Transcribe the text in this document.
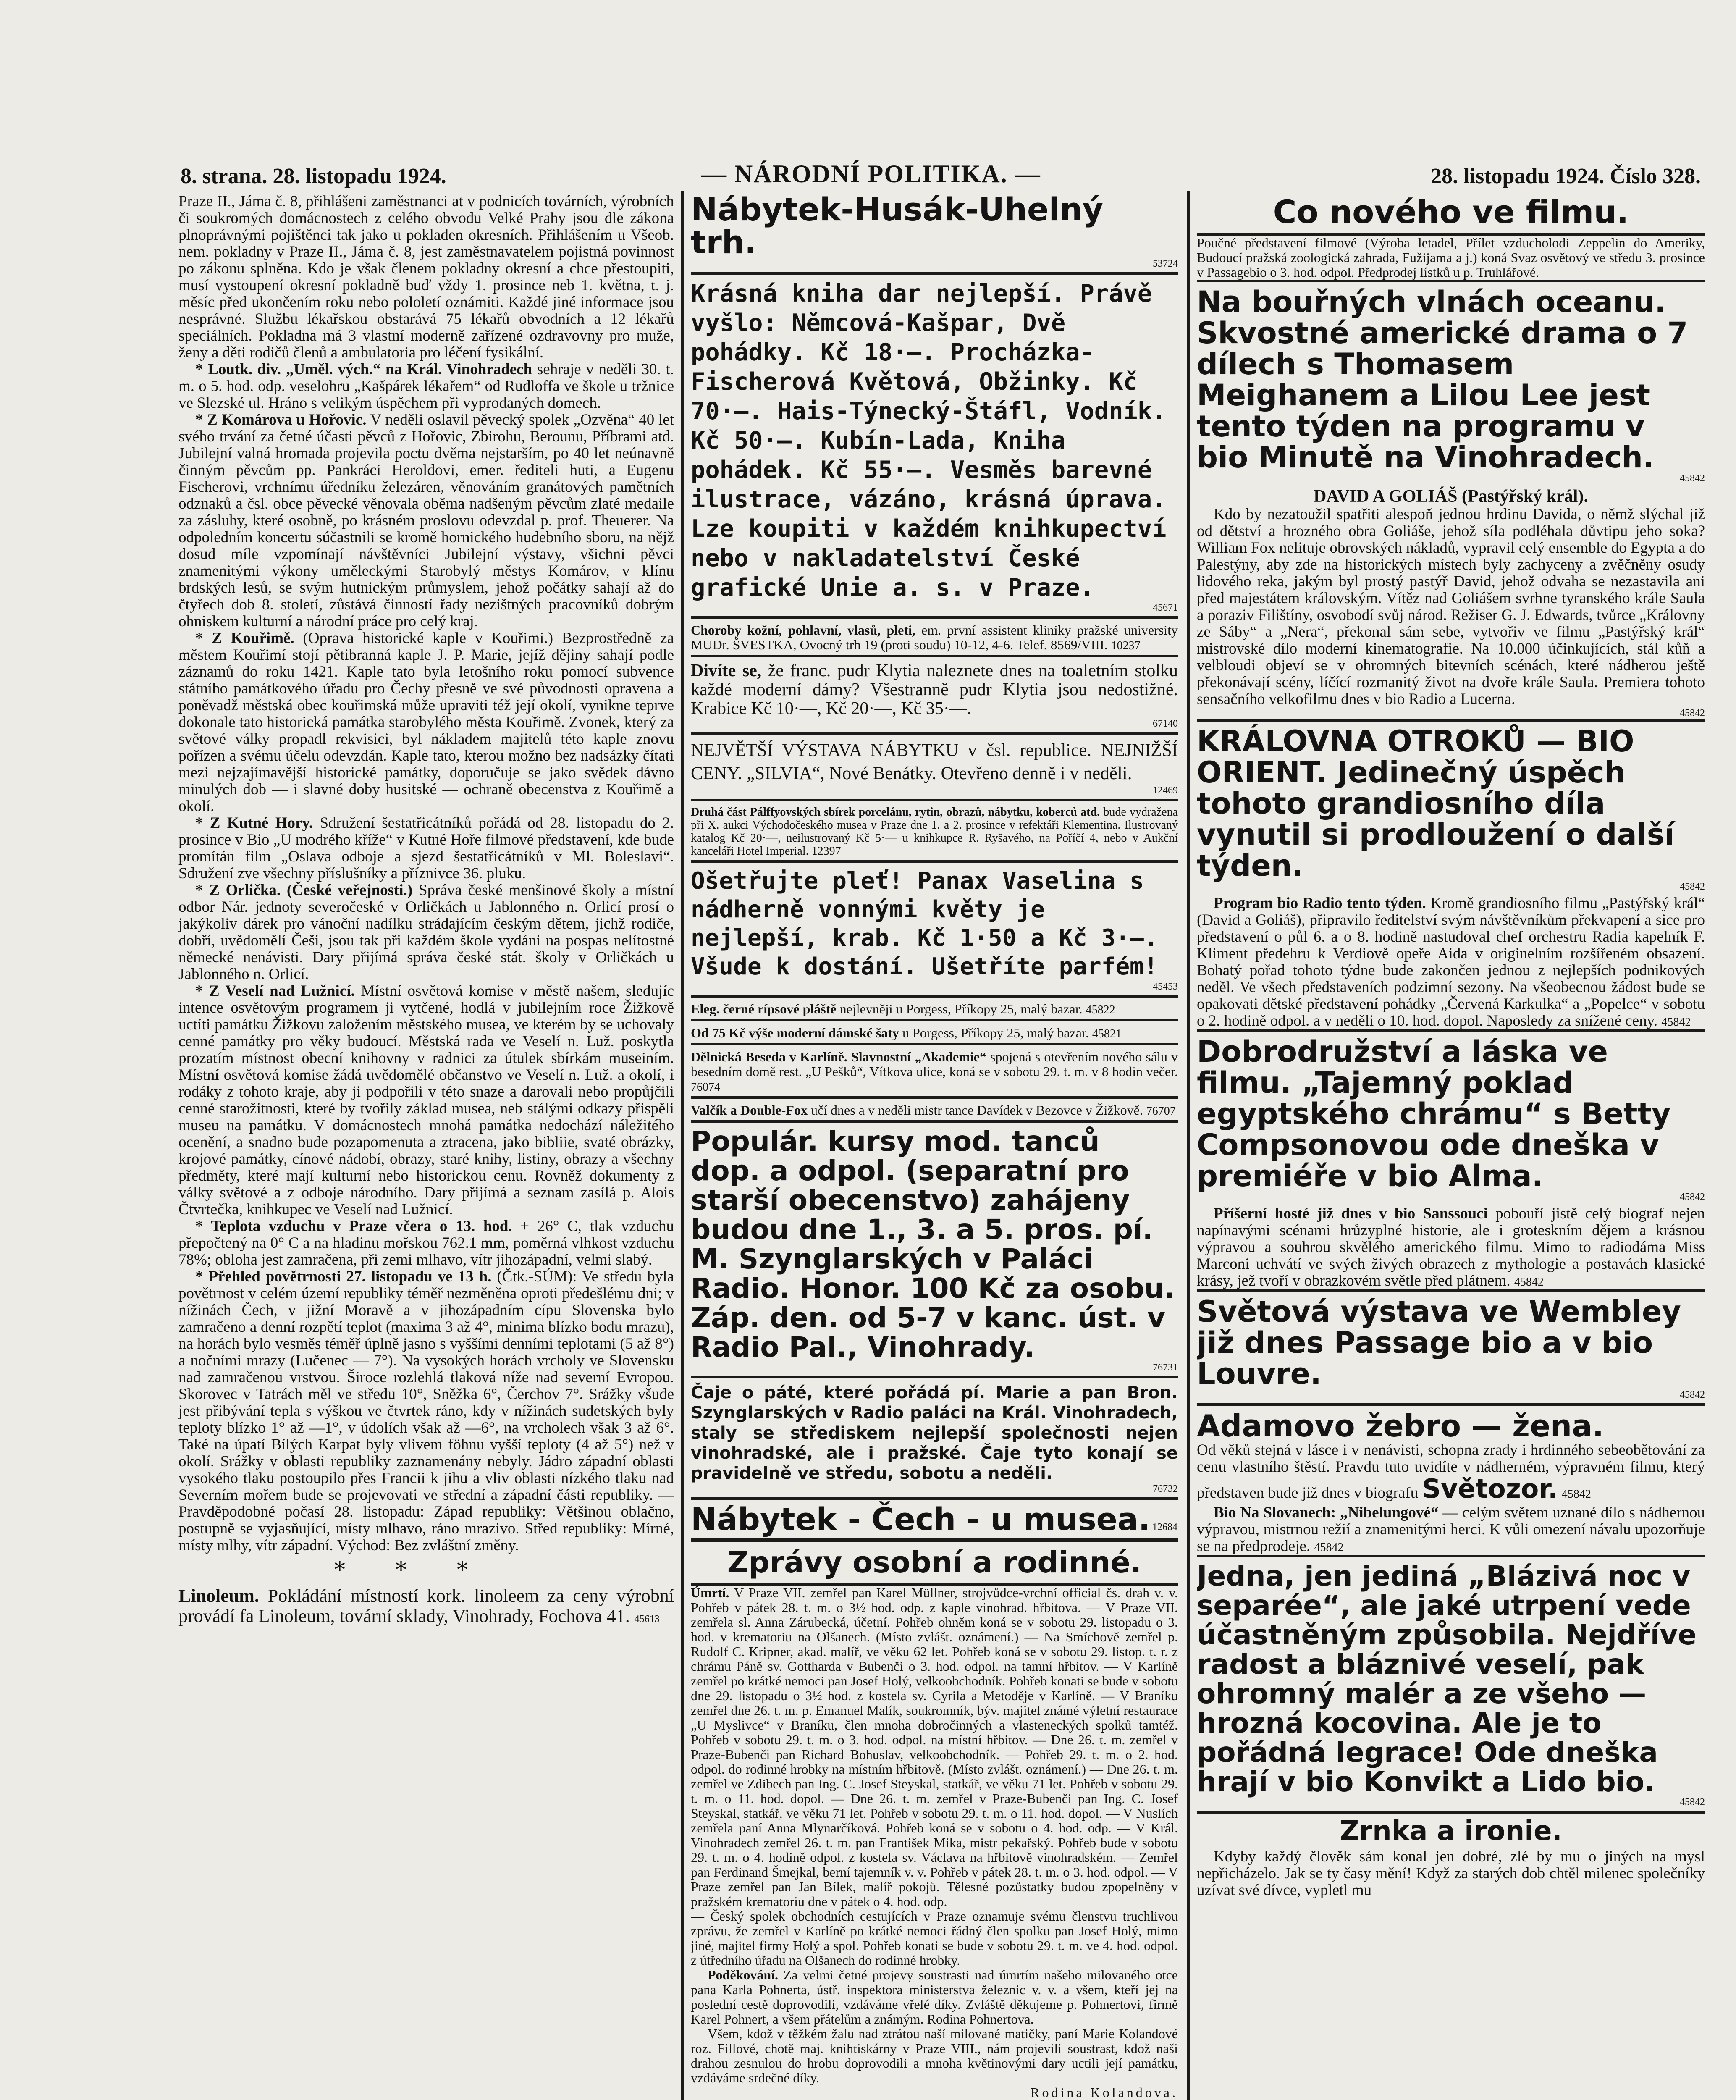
8. strana. 28. listopadu 1924.	— NÁRODNÍ POLITIKA. —	28. listopadu 1924. Číslo 328.

Praze II., Jáma č. 8, přihlášeni zaměstnanci at v podnicích továrních, výrobních či soukromých domácnostech z celého obvodu Velké Prahy jsou dle zákona plnoprávnými pojištěnci tak jako u pokladen okresních. Přihlášením u Všeob. nem. pokladny v Praze II., Jáma č. 8, jest zaměstnavatelem pojistná povinnost po zákonu splněna. Kdo je však členem pokladny okresní a chce přestoupiti, musí vystoupení okresní pokladně buď vždy 1. prosince neb 1. května, t. j. měsíc před ukončením roku nebo pololetí oznámiti. Každé jiné informace jsou nesprávné. Službu lékařskou obstarává 75 lékařů obvodních a 12 lékařů speciálních. Pokladna má 3 vlastní moderně zařízené ozdravovny pro muže, ženy a děti rodičů členů a ambulatoria pro léčení fysikální.

* Loutk. div. „Uměl. vých.“ na Král. Vinohradech sehraje v neděli 30. t. m. o 5. hod. odp. veselohru „Kašpárek lékařem“ od Rudloffa ve škole u tržnice ve Slezské ul. Hráno s velikým úspěchem při vyprodaných domech.

* Z Komárova u Hořovic. V neděli oslavil pěvecký spolek „Ozvěna“ 40 let svého trvání za četné účasti pěvců z Hořovic, Zbirohu, Berounu, Příbrami atd. Jubilejní valná hromada projevila poctu dvěma nejstarším, po 40 let neúnavně činným pěvcům pp. Pankráci Heroldovi, emer. řediteli huti, a Eugenu Fischerovi, vrchnímu úředníku železáren, věnováním granátových pamětních odznaků a čsl. obce pěvecké věnovala oběma nadšeným pěvcům zlaté medaile za zásluhy, které osobně, po krásném proslovu odevzdal p. prof. Theuerer. Na odpoledním koncertu súčastnili se kromě hornického hudebního sboru, na nějž dosud míle vzpomínají návštěvníci Jubilejní výstavy, všichni pěvci znamenitými výkony uměleckými Starobylý městys Komárov, v klínu brdských lesů, se svým hutnickým průmyslem, jehož počátky sahají až do čtyřech dob 8. století, zůstává činností řady nezištných pracovníků dobrým ohniskem kulturní a národní práce pro celý kraj.

* Z Kouřimě. (Oprava historické kaple v Kouřimi.) Bezprostředně za městem Kouřimí stojí pětibranná kaple J. P. Marie, jejíž dějiny sahají podle záznamů do roku 1421. Kaple tato byla letošního roku pomocí subvence státního památkového úřadu pro Čechy přesně ve své původnosti opravena a poněvadž městská obec kouřimská může upraviti též její okolí, vynikne teprve dokonale tato historická památka starobylého města Kouřimě. Zvonek, který za světové války propadl rekvisici, byl nákladem majitelů této kaple znovu pořízen a svému účelu odevzdán. Kaple tato, kterou možno bez nadsázky čítati mezi nejzajímavější historické památky, doporučuje se jako svědek dávno minulých dob — i slavné doby husitské — ochraně obecenstva z Kouřimě a okolí.

* Z Kutné Hory. Sdružení šestatřicátníků pořádá od 28. listopadu do 2. prosince v Bio „U modrého kříže“ v Kutné Hoře filmové představení, kde bude promítán film „Oslava odboje a sjezd šestatřicátníků v Ml. Boleslavi“. Sdružení zve všechny příslušníky a příznivce 36. pluku.

* Z Orlička. (České veřejnosti.) Správa české menšinové školy a místní odbor Nár. jednoty severočeské v Orličkách u Jablonného n. Orlicí prosí o jakýkoliv dárek pro vánoční nadílku strádajícím českým dětem, jichž rodiče, dobří, uvědomělí Češi, jsou tak při každém škole vydáni na pospas nelítostné německé nenávisti. Dary přijímá správa české stát. školy v Orličkách u Jablonného n. Orlicí.

* Z Veselí nad Lužnicí. Místní osvětová komise v městě našem, sledujíc intence osvětovým programem ji vytčené, hodlá v jubilejním roce Žižkově uctíti památku Žižkovu založením městského musea, ve kterém by se uchovaly cenné památky pro věky budoucí. Městská rada ve Veselí n. Luž. poskytla prozatím místnost obecní knihovny v radnici za útulek sbírkám museiním. Místní osvětová komise žádá uvědomělé občanstvo ve Veselí n. Luž. a okolí, i rodáky z tohoto kraje, aby ji podpořili v této snaze a darovali nebo propůjčili cenné starožitnosti, které by tvořily základ musea, neb stálými odkazy přispěli museu na památku. V domácnostech mnohá památka nedochází náležitého ocenění, a snadno bude pozapomenuta a ztracena, jako bibliie, svaté obrázky, krojové památky, cínové nádobí, obrazy, staré knihy, listiny, obrazy a všechny předměty, které mají kulturní nebo historickou cenu. Rovněž dokumenty z války světové a z odboje národního. Dary přijímá a seznam zasílá p. Alois Čtvrtečka, knihkupec ve Veselí nad Lužnicí.

* Teplota vzduchu v Praze včera o 13. hod. + 26° C, tlak vzduchu přepočtený na 0° C a na hladinu mořskou 762.1 mm, poměrná vlhkost vzduchu 78%; obloha jest zamračena, při zemi mlhavo, vítr jihozápadní, velmi slabý.

* Přehled povětrnosti 27. listopadu ve 13 h. (Čtk.-SÚM): Ve středu byla povětrnost v celém území republiky téměř nezměněna oproti předešlému dni; v nížinách Čech, v jižní Moravě a v jihozápadním cípu Slovenska bylo zamračeno a denní rozpětí teplot (maxima 3 až 4°, minima blízko bodu mrazu), na horách bylo vesměs téměř úplně jasno s vyššími denními teplotami (5 až 8°) a nočními mrazy (Lučenec — 7°). Na vysokých horách vrcholy ve Slovensku nad zamračenou vrstvou. Široce rozlehlá tlaková níže nad severní Evropou. Skorovec v Tatrách měl ve středu 10°, Sněžka 6°, Čerchov 7°. Srážky všude jest přibývání tepla s výškou ve čtvrtek ráno, kdy v nížinách sudetských byly teploty blízko 1° až —1°, v údolích však až —6°, na vrcholech však 3 až 6°. Také na úpatí Bílých Karpat byly vlivem föhnu vyšší teploty (4 až 5°) než v okolí. Srážky v oblasti republiky zaznamenány nebyly. Jádro západní oblasti vysokého tlaku postoupilo přes Francii k jihu a vliv oblasti nízkého tlaku nad Severním mořem bude se projevovati ve střední a západní části republiky. — Pravděpodobné počasí 28. listopadu: Západ republiky: Většinou oblačno, postupně se vyjasňující, místy mlhavo, ráno mrazivo. Střed republiky: Mírné, místy mlhy, vítr západní. Východ: Bez zvláštní změny.

***

Linoleum. Pokládání místností kork. linoleem za ceny výrobní provádí fa Linoleum, tovární sklady, Vinohrady, Fochova 41. 45613

Nábytek-Husák-Uhelný trh.
53724

Krásná kniha dar nejlepší. Právě vyšlo: Němcová-Kašpar, Dvě pohádky. Kč 18·—. Procházka-Fischerová Květová, Obžinky. Kč 70·—. Hais-Týnecký-Štáfl, Vodník. Kč 50·—. Kubín-Lada, Kniha pohádek. Kč 55·—. Vesměs barevné ilustrace, vázáno, krásná úprava. Lze koupiti v každém knihkupectví nebo v nakladatelství České grafické Unie a. s. v Praze.

45671

Choroby kožní, pohlavní, vlasů, pleti, em. první assistent kliniky pražské university MUDr. ŠVESTKA, Ovocný trh 19 (proti soudu) 10-12, 4-6. Telef. 8569/VIII. 10237

Divíte se, že franc. pudr Klytia naleznete dnes na toaletním stolku každé moderní dámy? Všestranně pudr Klytia jsou nedostižné. Krabice Kč 10·—, Kč 20·—, Kč 35·—.

67140

NEJVĚTŠÍ VÝSTAVA NÁBYTKU v čsl. republice. NEJNIŽŠÍ CENY. „SILVIA“, Nové Benátky. Otevřeno denně i v neděli.

12469

Druhá část Pálffyovských sbírek porcelánu, rytin, obrazů, nábytku, koberců atd. bude vydražena při X. aukci Východočeského musea v Praze dne 1. a 2. prosince v refektáři Klementina. Ilustrovaný katalog Kč 20·—, neilustrovaný Kč 5·— u knihkupce R. Ryšavého, na Poříčí 4, nebo v Aukční kanceláři Hotel Imperial. 12397

Ošetřujte pleť! Panax Vaselina s nádherně vonnými květy je nejlepší, krab. Kč 1·50 a Kč 3·—. Všude k dostání. Ušetříte parfém!

45453

Eleg. černé rípsové pláště nejlevněji u Porgess, Příkopy 25, malý bazar. 45822

Od 75 Kč výše moderní dámské šaty u Porgess, Příkopy 25, malý bazar. 45821

Dělnická Beseda v Karlíně. Slavnostní „Akademie“ spojená s otevřením nového sálu v besedním domě rest. „U Pešků“, Vítkova ulice, koná se v sobotu 29. t. m. v 8 hodin večer. 76074

Valčík a Double-Fox učí dnes a v neděli mistr tance Davídek v Bezovce v Žižkově. 76707

Populár. kursy mod. tanců dop. a odpol. (separatní pro starší obecenstvo) zahájeny budou dne 1., 3. a 5. pros. pí. M. Szynglarských v Paláci Radio. Honor. 100 Kč za osobu. Záp. den. od 5-7 v kanc. úst. v Radio Pal., Vinohrady.

76731

Čaje o páté, které pořádá pí. Marie a pan Bron. Szynglarských v Radio paláci na Král. Vinohradech, staly se střediskem nejlepší společnosti nejen vinohradské, ale i pražské. Čaje tyto konají se pravidelně ve středu, sobotu a neděli.

76732
Nábytek - Čech - u musea. 12684
Zprávy osobní a rodinné.

Úmrtí. V Praze VII. zemřel pan Karel Müllner, strojvůdce-vrchní official čs. drah v. v. Pohřeb v pátek 28. t. m. o 3½ hod. odp. z kaple vinohrad. hřbitova. — V Praze VII. zemřela sl. Anna Zárubecká, účetní. Pohřeb ohněm koná se v sobotu 29. listopadu o 3. hod. v krematoriu na Olšanech. (Místo zvlášt. oznámení.) — Na Smíchově zemřel p. Rudolf C. Kripner, akad. malíř, ve věku 62 let. Pohřeb koná se v sobotu 29. listop. t. r. z chrámu Páně sv. Gottharda v Bubenči o 3. hod. odpol. na tamní hřbitov. — V Karlíně zemřel po krátké nemoci pan Josef Holý, velkoobchodník. Pohřeb konati se bude v sobotu dne 29. listopadu o 3½ hod. z kostela sv. Cyrila a Metoděje v Karlíně. — V Braníku zemřel dne 26. t. m. p. Emanuel Malík, soukromník, býv. majitel známé výletní restaurace „U Myslivce“ v Braníku, člen mnoha dobročinných a vlasteneckých spolků tamtéž. Pohřeb v sobotu 29. t. m. o 3. hod. odpol. na místní hřbitov. — Dne 26. t. m. zemřel v Praze-Bubenči pan Richard Bohuslav, velkoobchodník. — Pohřeb 29. t. m. o 2. hod. odpol. do rodinné hrobky na místním hřbitově. (Místo zvlášt. oznámení.) — Dne 26. t. m. zemřel ve Zdibech pan Ing. C. Josef Steyskal, statkář, ve věku 71 let. Pohřeb v sobotu 29. t. m. o 11. hod. dopol. — Dne 26. t. m. zemřel v Praze-Bubenči pan Ing. C. Josef Steyskal, statkář, ve věku 71 let. Pohřeb v sobotu 29. t. m. o 11. hod. dopol. — V Nuslích zemřela paní Anna Mlynarčíková. Pohřeb koná se v sobotu o 4. hod. odp. — V Král. Vinohradech zemřel 26. t. m. pan František Mika, mistr pekařský. Pohřeb bude v sobotu 29. t. m. o 4. hodině odpol. z kostela sv. Václava na hřbitově vinohradském. — Zemřel pan Ferdinand Šmejkal, berní tajemník v. v. Pohřeb v pátek 28. t. m. o 3. hod. odpol. — V Praze zemřel pan Jan Bílek, malíř pokojů. Tělesné pozůstatky budou zpopelněny v pražském krematoriu dne v pátek o 4. hod. odp.

— Český spolek obchodních cestujících v Praze oznamuje svému členstvu truchlivou zprávu, že zemřel v Karlíně po krátké nemoci řádný člen spolku pan Josef Holý, mimo jiné, majitel firmy Holý a spol. Pohřeb konati se bude v sobotu 29. t. m. ve 4. hod. odpol. z útředního úřadu na Olšanech do rodinné hrobky.

Poděkování. Za velmi četné projevy soustrasti nad úmrtím našeho milovaného otce pana Karla Pohnerta, ústř. inspektora ministerstva železnic v. v. a všem, kteří jej na poslední cestě doprovodili, vzdáváme vřelé díky. Zvláště děkujeme p. Pohnertovi, firmě Karel Pohnert, a všem přátelům a známým. Rodina Pohnertova.

Všem, kdož v těžkém žalu nad ztrátou naší milované matičky, paní Marie Kolandové roz. Fillové, chotě maj. knihtiskárny v Praze VIII., nám projevili soustrast, kdož naši drahou zesnulou do hrobu doprovodili a mnoha květinovými dary uctili její památku, vzdáváme srdečné díky.

Rodina Kolandova.

Co nového ve filmu.

Poučné představení filmové (Výroba letadel, Přílet vzducholodi Zeppelin do Ameriky, Budoucí pražská zoologická zahrada, Fužijama a j.) koná Svaz osvětový ve středu 3. prosince v Passagebio o 3. hod. odpol. Předprodej lístků u p. Truhlářové.

Na bouřných vlnách oceanu. Skvostné americké drama o 7 dílech s Thomasem Meighanem a Lilou Lee jest tento týden na programu v bio Minutě na Vinohradech.

45842

DAVID A GOLIÁŠ (Pastýřský král).

Kdo by nezatoužil spatřiti alespoň jednou hrdinu Davida, o němž slýchal již od dětství a hrozného obra Goliáše, jehož síla podléhala důvtipu jeho soka? William Fox nelituje obrovských nákladů, vypravil celý ensemble do Egypta a do Palestýny, aby zde na historických místech byly zachyceny a zvěčněny osudy lidového reka, jakým byl prostý pastýř David, jehož odvaha se nezastavila ani před majestátem královským. Vítěz nad Goliášem svrhne tyranského krále Saula a poraziv Filištíny, osvobodí svůj národ. Režiser G. J. Edwards, tvůrce „Královny ze Sáby“ a „Nera“, překonal sám sebe, vytvořiv ve filmu „Pastýřský král“ mistrovské dílo moderní kinematografie. Na 10.000 účinkujících, stál kůň a velbloudi objeví se v ohromných bitevních scénách, které nádherou ještě překonávají scény, líčící rozmanitý život na dvoře krále Saula. Premiera tohoto sensačního velkofilmu dnes v bio Radio a Lucerna.

45842

KRÁLOVNA OTROKŮ — BIO ORIENT. Jedinečný úspěch tohoto grandiosního díla vynutil si prodloužení o další týden.

45842

Program bio Radio tento týden. Kromě grandiosního filmu „Pastýřský král“ (David a Goliáš), připravilo ředitelství svým návštěvníkům překvapení a sice pro představení o půl 6. a o 8. hodině nastudoval chef orchestru Radia kapelník F. Kliment předehru k Verdiově opeře Aida v originelním rozšířeném obsazení. Bohatý pořad tohoto týdne bude zakončen jednou z nejlepších podnikových neděl. Ve všech představeních podzimní sezony. Na všeobecnou žádost bude se opakovati dětské představení pohádky „Červená Karkulka“ a „Popelce“ v sobotu o 2. hodině odpol. a v neděli o 10. hod. dopol. Naposledy za snížené ceny. 45842

Dobrodružství a láska ve filmu. „Tajemný poklad egyptského chrámu“ s Betty Compsonovou ode dneška v premiéře v bio Alma.

45842

Příšerní hosté již dnes v bio Sanssouci pobouří jistě celý biograf nejen napínavými scénami hrůzyplné historie, ale i groteskním dějem a krásnou výpravou a souhrou skvělého amerického filmu. Mimo to radiodáma Miss Marconi uchvátí ve svých živých obrazech z mythologie a postavách klasické krásy, jež tvoří v obrazkovém světle před plátnem. 45842

Světová výstava ve Wembley již dnes Passage bio a v bio Louvre.

45842

Adamovo žebro — žena.

Od věků stejná v lásce i v nenávisti, schopna zrady i hrdinného sebeobětování za cenu vlastního štěstí. Pravdu tuto uvidíte v nádherném, výpravném filmu, který představen bude již dnes v biografu Světozor. 45842

Bio Na Slovanech: „Nibelungové“ — celým světem uznané dílo s nádhernou výpravou, mistrnou režií a znamenitými herci. K vůli omezení návalu upozorňuje se na předprodeje. 45842

Jedna, jen jediná „Blázivá noc v separée“, ale jaké utrpení vede účastněným způsobila. Nejdříve radost a bláznivé veselí, pak ohromný malér a ze všeho — hrozná kocovina. Ale je to pořádná legrace! Ode dneška hrají v bio Konvikt a Lido bio.

45842
Zrnka a ironie.

Kdyby každý člověk sám konal jen dobré, zlé by mu o jiných na mysl nepřicházelo. Jak se ty časy mění! Když za starých dob chtěl milenec společníky uzívat své dívce, vypletl mu
